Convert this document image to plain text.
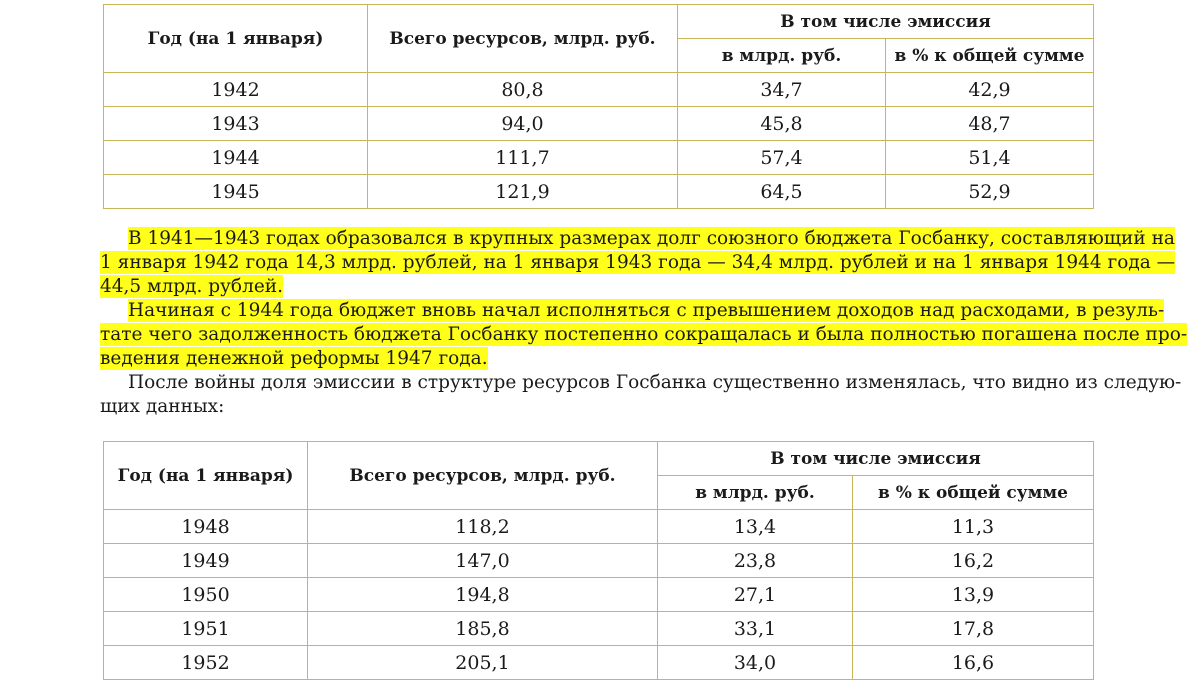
Год (на 1 января)	Всего ресурсов, млрд. руб.	В том числе эмиссия	
		в млрд. руб.	в % к общей сумме
1942	80,8	34,7	42,9
1943	94,0	45,8	48,7
1944	111,7	57,4	51,4
1945	121,9	64,5	52,9

В 1941—1943 годах образовался в крупных размерах долг союзного бюджета Госбанку, составляющий на
1 января 1942 года 14,3 млрд. рублей, на 1 января 1943 года — 34,4 млрд. рублей и на 1 января 1944 года —
44,5 млрд. рублей.

Начиная с 1944 года бюджет вновь начал исполняться с превышением доходов над расходами, в резуль-
тате чего задолженность бюджета Госбанку постепенно сокращалась и была полностью погашена после про-
ведения денежной реформы 1947 года.

После войны доля эмиссии в структуре ресурсов Госбанка существенно изменялась, что видно из следую-
щих данных:

Год (на 1 января)	Всего ресурсов, млрд. руб.	В том числе эмиссия	
		в млрд. руб.	в % к общей сумме
1948	118,2	13,4	11,3
1949	147,0	23,8	16,2
1950	194,8	27,1	13,9
1951	185,8	33,1	17,8
1952	205,1	34,0	16,6
